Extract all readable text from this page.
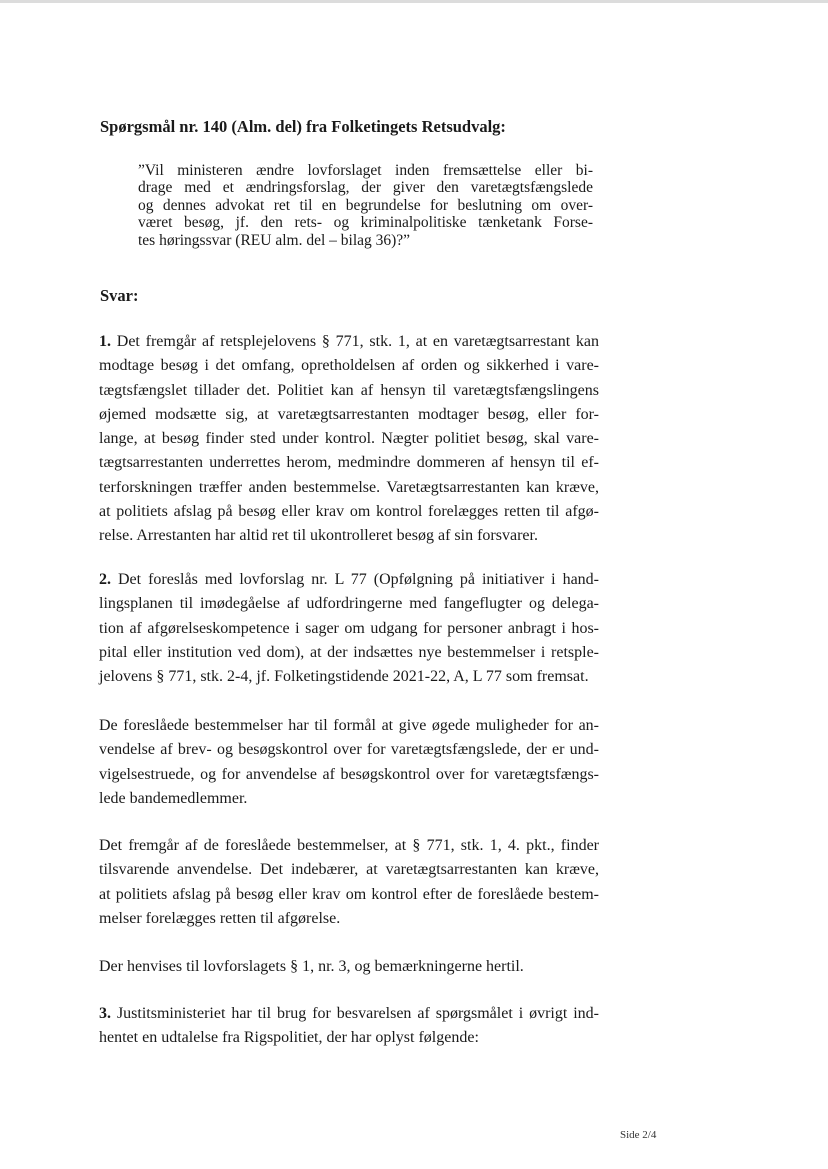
Spørgsmål nr. 140 (Alm. del) fra Folketingets Retsudvalg:
”Vil ministeren ændre lovforslaget inden fremsættelse eller bi-
drage med et ændringsforslag, der giver den varetægtsfængslede
og dennes advokat ret til en begrundelse for beslutning om over-
været besøg, jf. den rets- og kriminalpolitiske tænketank Forse-
tes høringssvar (REU alm. del – bilag 36)?”
Svar:
1. Det fremgår af retsplejelovens § 771, stk. 1, at en varetægtsarrestant kan
modtage besøg i det omfang, opretholdelsen af orden og sikkerhed i vare-
tægtsfængslet tillader det. Politiet kan af hensyn til varetægtsfængslingens
øjemed modsætte sig, at varetægtsarrestanten modtager besøg, eller for-
lange, at besøg finder sted under kontrol. Nægter politiet besøg, skal vare-
tægtsarrestanten underrettes herom, medmindre dommeren af hensyn til ef-
terforskningen træffer anden bestemmelse. Varetægtsarrestanten kan kræve,
at politiets afslag på besøg eller krav om kontrol forelægges retten til afgø-
relse. Arrestanten har altid ret til ukontrolleret besøg af sin forsvarer.
2. Det foreslås med lovforslag nr. L 77 (Opfølgning på initiativer i hand-
lingsplanen til imødegåelse af udfordringerne med fangeflugter og delega-
tion af afgørelseskompetence i sager om udgang for personer anbragt i hos-
pital eller institution ved dom), at der indsættes nye bestemmelser i retsple-
jelovens § 771, stk. 2-4, jf. Folketingstidende 2021-22, A, L 77 som fremsat.
De foreslåede bestemmelser har til formål at give øgede muligheder for an-
vendelse af brev- og besøgskontrol over for varetægtsfængslede, der er und-
vigelsestruede, og for anvendelse af besøgskontrol over for varetægtsfængs-
lede bandemedlemmer.
Det fremgår af de foreslåede bestemmelser, at § 771, stk. 1, 4. pkt., finder
tilsvarende anvendelse. Det indebærer, at varetægtsarrestanten kan kræve,
at politiets afslag på besøg eller krav om kontrol efter de foreslåede bestem-
melser forelægges retten til afgørelse.
Der henvises til lovforslagets § 1, nr. 3, og bemærkningerne hertil.
3. Justitsministeriet har til brug for besvarelsen af spørgsmålet i øvrigt ind-
hentet en udtalelse fra Rigspolitiet, der har oplyst følgende:
Side 2/4
